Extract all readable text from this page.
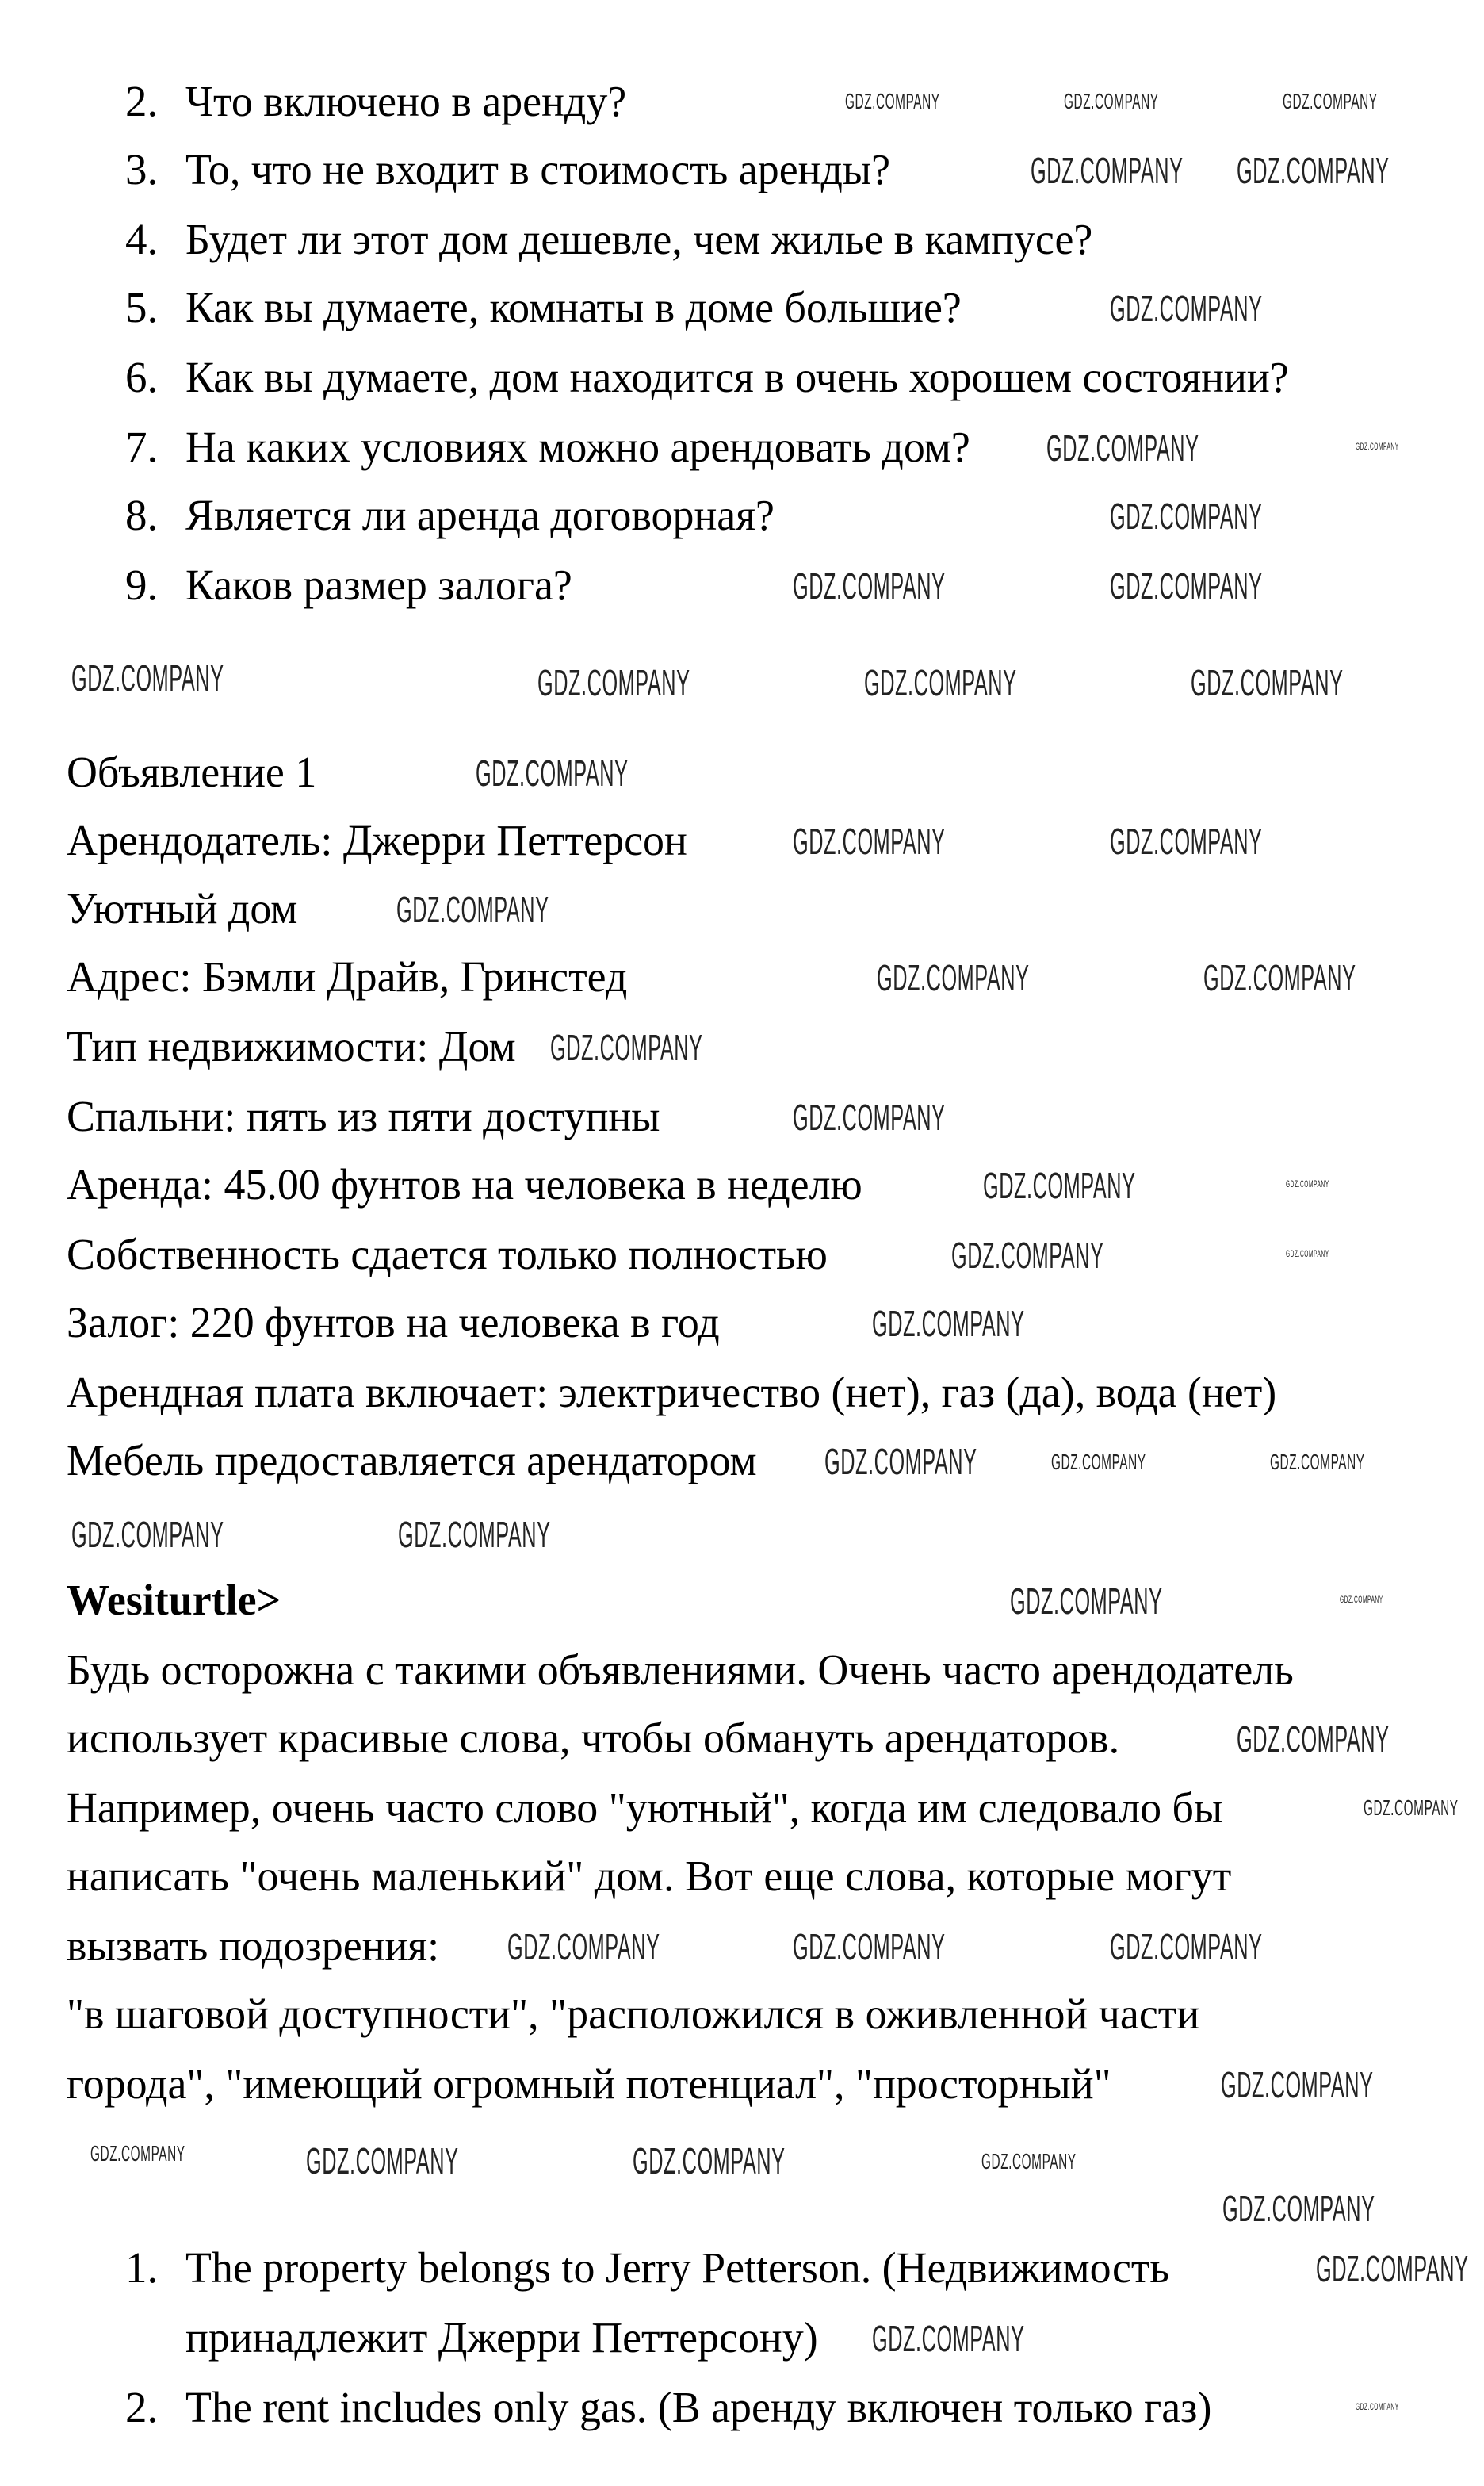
2. Что включено в аренду?
3. То, что не входит в стоимость аренды?
4. Будет ли этот дом дешевле, чем жилье в кампусе?
5. Как вы думаете, комнаты в доме большие?
6. Как вы думаете, дом находится в очень хорошем состоянии?
7. На каких условиях можно арендовать дом?
8. Является ли аренда договорная?
9. Каков размер залога?
Объявление 1
Арендодатель: Джерри Петтерсон
Уютный дом
Адрес: Бэмли Драйв, Гринстед
Тип недвижимости: Дом
Спальни: пять из пяти доступны
Аренда: 45.00 фунтов на человека в неделю
Собственность сдается только полностью
Залог: 220 фунтов на человека в год
Арендная плата включает: электричество (нет), газ (да), вода (нет)
Мебель предоставляется арендатором
Wesiturtle>
Будь осторожна с такими объявлениями. Очень часто арендодатель
использует красивые слова, чтобы обмануть арендаторов.
Например, очень часто слово "уютный", когда им следовало бы
написать "очень маленький" дом. Вот еще слова, которые могут
вызвать подозрения:
"в шаговой доступности", "расположился в оживленной части
города", "имеющий огромный потенциал", "просторный"
1. The property belongs to Jerry Petterson. (Недвижимость
принадлежит Джерри Петтерсону)
2. The rent includes only gas. (В аренду включен только газ)
GDZ.COMPANY	GDZ.COMPANY	GDZ.COMPANY
GDZ.COMPANY GDZ.COMPANY
GDZ.COMPANY
GDZ.COMPANY	GDZ.COMPANY
GDZ.COMPANY
GDZ.COMPANY	GDZ.COMPANY
GDZ.COMPANY	GDZ.COMPANY	GDZ.COMPANY	GDZ.COMPANY
GDZ.COMPANY
GDZ.COMPANY	GDZ.COMPANY
GDZ.COMPANY
GDZ.COMPANY	GDZ.COMPANY
GDZ.COMPANY
GDZ.COMPANY
GDZ.COMPANY	GDZ.COMPANY
GDZ.COMPANY	GDZ.COMPANY
GDZ.COMPANY
GDZ.COMPANY	GDZ.COMPANY	GDZ.COMPANY
GDZ.COMPANY	GDZ.COMPANY
GDZ.COMPANY	GDZ.COMPANY
GDZ.COMPANY
GDZ.COMPANY
GDZ.COMPANY	GDZ.COMPANY	GDZ.COMPANY
GDZ.COMPANY
GDZ.COMPANY	GDZ.COMPANY	GDZ.COMPANY	GDZ.COMPANY
GDZ.COMPANY
GDZ.COMPANY
GDZ.COMPANY
GDZ.COMPANY
